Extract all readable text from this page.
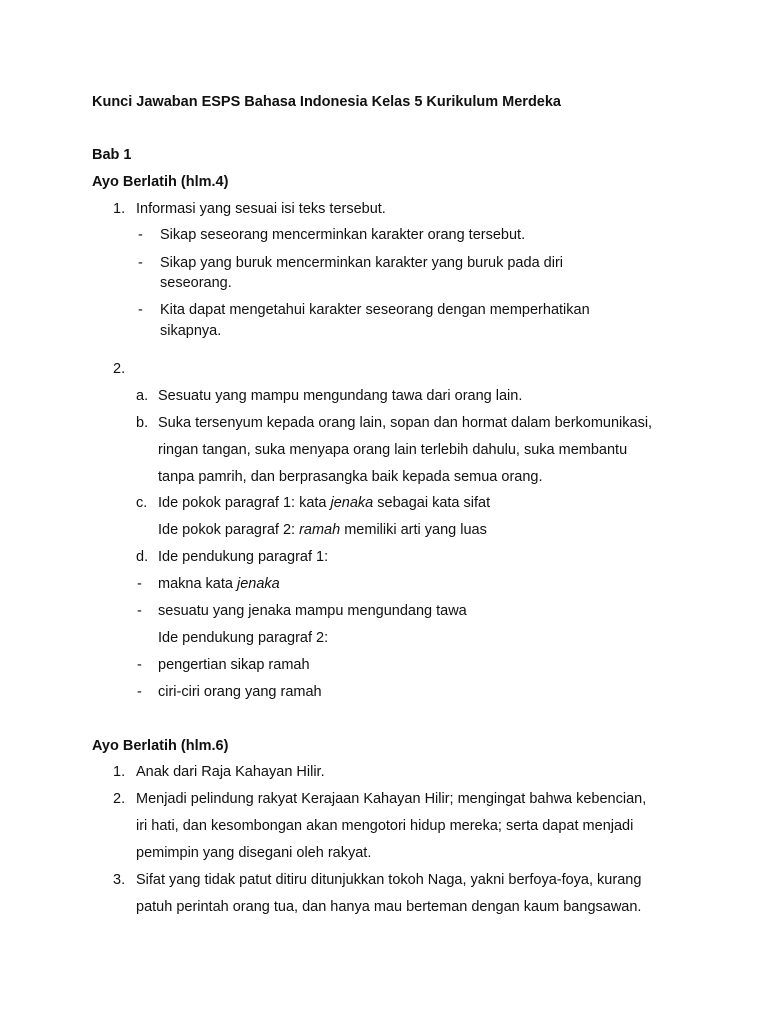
Kunci Jawaban ESPS Bahasa Indonesia Kelas 5 Kurikulum Merdeka
Bab 1
Ayo Berlatih (hlm.4)
1. Informasi yang sesuai isi teks tersebut.
- Sikap seseorang mencerminkan karakter orang tersebut.
- Sikap yang buruk mencerminkan karakter yang buruk pada diri
seseorang.
- Kita dapat mengetahui karakter seseorang dengan memperhatikan
sikapnya.
2.
a. Sesuatu yang mampu mengundang tawa dari orang lain.
b. Suka tersenyum kepada orang lain, sopan dan hormat dalam berkomunikasi,
ringan tangan, suka menyapa orang lain terlebih dahulu, suka membantu
tanpa pamrih, dan berprasangka baik kepada semua orang.
c. Ide pokok paragraf 1: kata jenaka sebagai kata sifat
Ide pokok paragraf 2: ramah memiliki arti yang luas
d. Ide pendukung paragraf 1:
- makna kata jenaka
- sesuatu yang jenaka mampu mengundang tawa
Ide pendukung paragraf 2:
- pengertian sikap ramah
- ciri-ciri orang yang ramah
Ayo Berlatih (hlm.6)
1. Anak dari Raja Kahayan Hilir.
2. Menjadi pelindung rakyat Kerajaan Kahayan Hilir; mengingat bahwa kebencian,
iri hati, dan kesombongan akan mengotori hidup mereka; serta dapat menjadi
pemimpin yang disegani oleh rakyat.
3. Sifat yang tidak patut ditiru ditunjukkan tokoh Naga, yakni berfoya-foya, kurang
patuh perintah orang tua, dan hanya mau berteman dengan kaum bangsawan.
